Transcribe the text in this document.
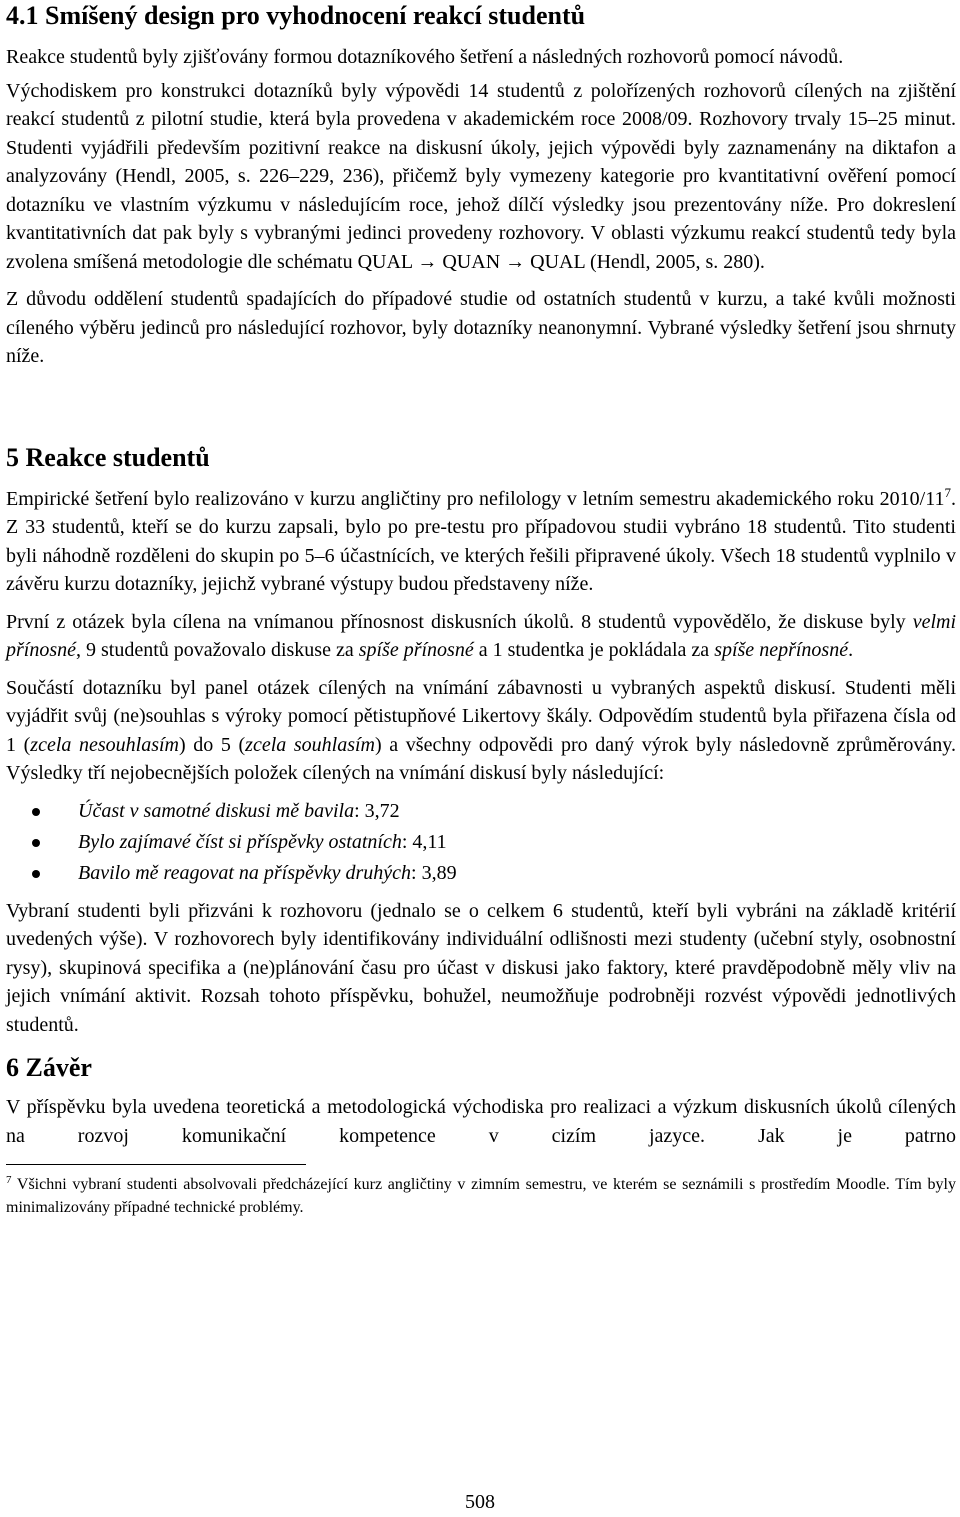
4.1 Smíšený design pro vyhodnocení reakcí studentů

Reakce studentů byly zjišťovány formou dotazníkového šetření a následných rozhovorů pomocí návodů.

Východiskem pro konstrukci dotazníků byly výpovědi 14 studentů z polořízených rozhovorů cílených na zjištění reakcí studentů z pilotní studie, která byla provedena v akademickém roce 2008/09. Rozhovory trvaly 15–25 minut. Studenti vyjádřili především pozitivní reakce na diskusní úkoly, jejich výpovědi byly zaznamenány na diktafon a analyzovány (Hendl, 2005, s. 226–229, 236), přičemž byly vymezeny kategorie pro kvantitativní ověření pomocí dotazníku ve vlastním výzkumu v následujícím roce, jehož dílčí výsledky jsou prezentovány níže. Pro dokreslení kvantitativních dat pak byly s vybranými jedinci provedeny rozhovory. V oblasti výzkumu reakcí studentů tedy byla zvolena smíšená metodologie dle schématu QUAL → QUAN → QUAL (Hendl, 2005, s. 280).

Z důvodu oddělení studentů spadajících do případové studie od ostatních studentů v kurzu, a také kvůli možnosti cíleného výběru jedinců pro následující rozhovor, byly dotazníky neanonymní. Vybrané výsledky šetření jsou shrnuty níže.

5 Reakce studentů

Empirické šetření bylo realizováno v kurzu angličtiny pro nefilology v letním semestru akademického roku $2010/11^7$. Z 33 studentů, kteří se do kurzu zapsali, bylo po pre-testu pro případovou studii vybráno 18 studentů. Tito studenti byli náhodně rozděleni do skupin po 5–6 účastnících, ve kterých řešili připravené úkoly. Všech 18 studentů vyplnilo v závěru kurzu dotazníky, jejichž vybrané výstupy budou představeny níže.

První z otázek byla cílena na vnímanou přínosnost diskusních úkolů. 8 studentů vypovědělo, že diskuse byly velmi přínosné, 9 studentů považovalo diskuse za spíše přínosné a 1 studentka je pokládala za spíše nepřínosné.

Součástí dotazníku byl panel otázek cílených na vnímání zábavnosti u vybraných aspektů diskusí. Studenti měli vyjádřit svůj (ne)souhlas s výroky pomocí pětistupňové Likertovy škály. Odpovědím studentů byla přiřazena čísla od 1 (zcela nesouhlasím) do 5 (zcela souhlasím) a všechny odpovědi pro daný výrok byly následovně zprůměrovány. Výsledky tří nejobecnějších položek cílených na vnímání diskusí byly následující:

Účast v samotné diskusi mě bavila: 3,72
Bylo zajímavé číst si příspěvky ostatních: 4,11
Bavilo mě reagovat na příspěvky druhých: 3,89

Vybraní studenti byli přizváni k rozhovoru (jednalo se o celkem 6 studentů, kteří byli vybráni na základě kritérií uvedených výše). V rozhovorech byly identifikovány individuální odlišnosti mezi studenty (učební styly, osobnostní rysy), skupinová specifika a (ne)plánování času pro účast v diskusi jako faktory, které pravděpodobně měly vliv na jejich vnímání aktivit. Rozsah tohoto příspěvku, bohužel, neumožňuje podrobněji rozvést výpovědi jednotlivých studentů.

6 Závěr

V příspěvku byla uvedena teoretická a metodologická východiska pro realizaci a výzkum diskusních úkolů cílených na rozvoj komunikační kompetence v cizím jazyce. Jak je patrno

$^7$ Všichni vybraní studenti absolvovali předcházející kurz angličtiny v zimním semestru, ve kterém se seznámili s prostředím Moodle. Tím byly minimalizovány případné technické problémy.

508
